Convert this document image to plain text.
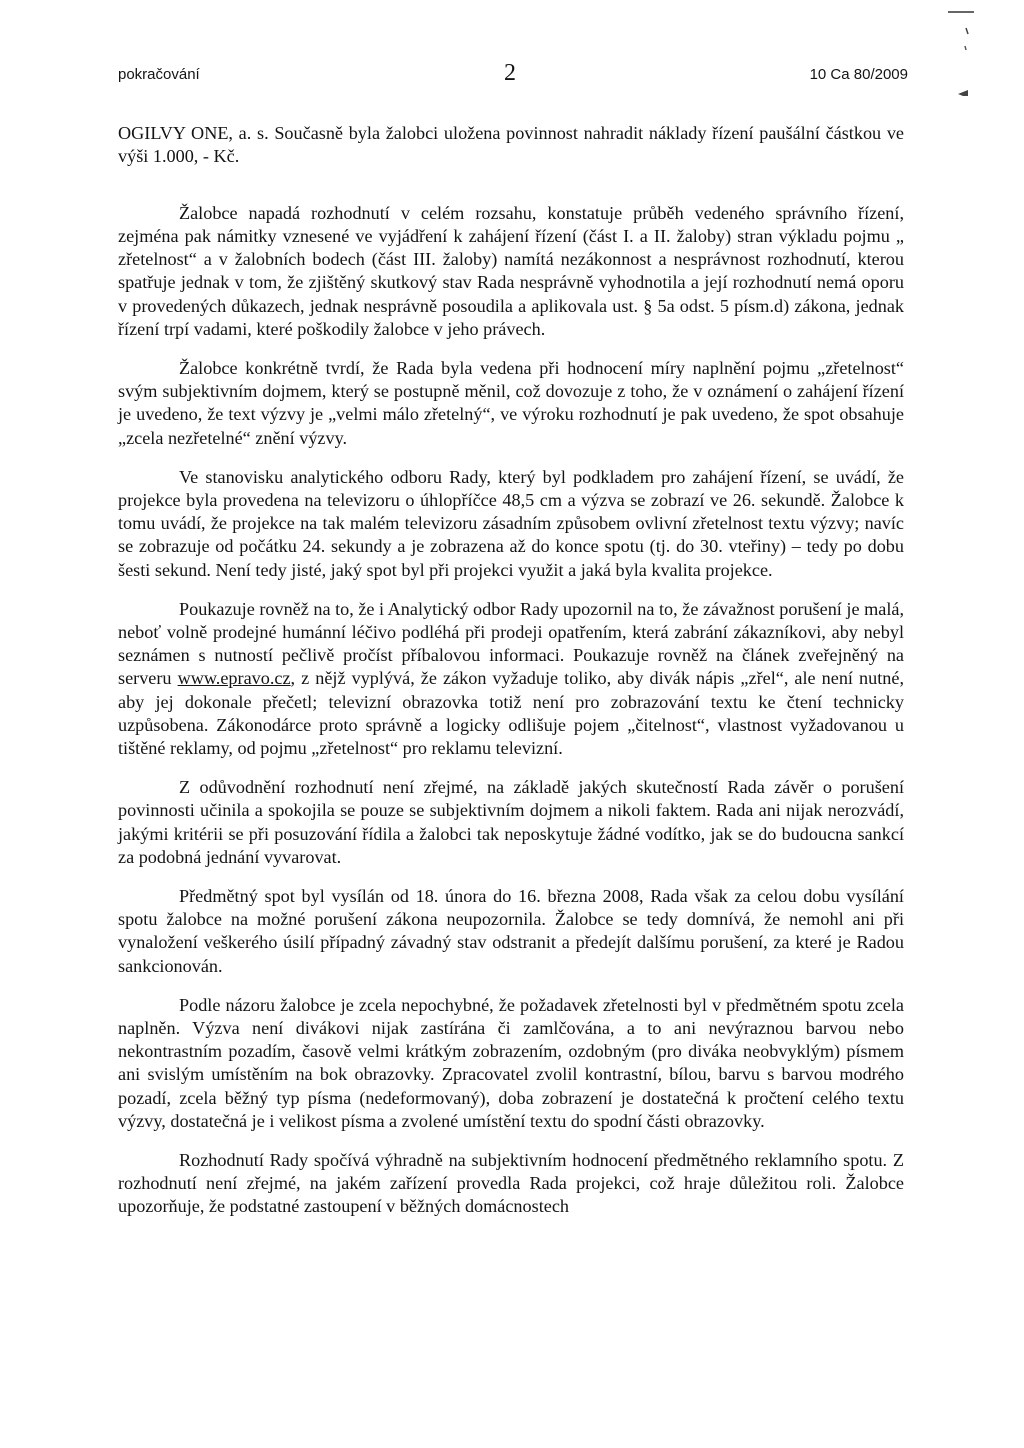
pokračování	2	10 Ca 80/2009

OGILVY ONE, a. s. Současně byla žalobci uložena povinnost nahradit náklady řízení paušální částkou ve výši 1.000, - Kč.

Žalobce napadá rozhodnutí v celém rozsahu, konstatuje průběh vedeného správního řízení, zejména pak námitky vznesené ve vyjádření k zahájení řízení (část I. a II. žaloby) stran výkladu pojmu „ zřetelnost“ a v žalobních bodech (část III. žaloby) namítá nezákonnost a nesprávnost rozhodnutí, kterou spatřuje jednak v tom, že zjištěný skutkový stav Rada nesprávně vyhodnotila a její rozhodnutí nemá oporu v provedených důkazech, jednak nesprávně posoudila a aplikovala ust. § 5a odst. 5 písm.d) zákona, jednak řízení trpí vadami, které poškodily žalobce v jeho právech.

Žalobce konkrétně tvrdí, že Rada byla vedena při hodnocení míry naplnění pojmu „zřetelnost“ svým subjektivním dojmem, který se postupně měnil, což dovozuje z toho, že v oznámení o zahájení řízení je uvedeno, že text výzvy je „velmi málo zřetelný“, ve výroku rozhodnutí je pak uvedeno, že spot obsahuje „zcela nezřetelné“ znění výzvy.

Ve stanovisku analytického odboru Rady, který byl podkladem pro zahájení řízení, se uvádí, že projekce byla provedena na televizoru o úhlopříčce 48,5 cm a výzva se zobrazí ve 26. sekundě. Žalobce k tomu uvádí, že projekce na tak malém televizoru zásadním způsobem ovlivní zřetelnost textu výzvy; navíc se zobrazuje od počátku 24. sekundy a je zobrazena až do konce spotu (tj. do 30. vteřiny) – tedy po dobu šesti sekund. Není tedy jisté, jaký spot byl při projekci využit a jaká byla kvalita projekce.

Poukazuje rovněž na to, že i Analytický odbor Rady upozornil na to, že závažnost porušení je malá, neboť volně prodejné humánní léčivo podléhá při prodeji opatřením, která zabrání zákazníkovi, aby nebyl seznámen s nutností pečlivě pročíst příbalovou informaci. Poukazuje rovněž na článek zveřejněný na serveru www.epravo.cz, z nějž vyplývá, že zákon vyžaduje toliko, aby divák nápis „zřel“, ale není nutné, aby jej dokonale přečetl; televizní obrazovka totiž není pro zobrazování textu ke čtení technicky uzpůsobena. Zákonodárce proto správně a logicky odlišuje pojem „čitelnost“, vlastnost vyžadovanou u tištěné reklamy, od pojmu „zřetelnost“ pro reklamu televizní.

Z odůvodnění rozhodnutí není zřejmé, na základě jakých skutečností Rada závěr o porušení povinnosti učinila a spokojila se pouze se subjektivním dojmem a nikoli faktem. Rada ani nijak nerozvádí, jakými kritérii se při posuzování řídila a žalobci tak neposkytuje žádné vodítko, jak se do budoucna sankcí za podobná jednání vyvarovat.

Předmětný spot byl vysílán od 18. února do 16. března 2008, Rada však za celou dobu vysílání spotu žalobce na možné porušení zákona neupozornila. Žalobce se tedy domnívá, že nemohl ani při vynaložení veškerého úsilí případný závadný stav odstranit a předejít dalšímu porušení, za které je Radou sankcionován.

Podle názoru žalobce je zcela nepochybné, že požadavek zřetelnosti byl v předmětném spotu zcela naplněn. Výzva není divákovi nijak zastírána či zamlčována, a to ani nevýraznou barvou nebo nekontrastním pozadím, časově velmi krátkým zobrazením, ozdobným (pro diváka neobvyklým) písmem ani svislým umístěním na bok obrazovky. Zpracovatel zvolil kontrastní, bílou, barvu s barvou modrého pozadí, zcela běžný typ písma (nedeformovaný), doba zobrazení je dostatečná k pročtení celého textu výzvy, dostatečná je i velikost písma a zvolené umístění textu do spodní části obrazovky.

Rozhodnutí Rady spočívá výhradně na subjektivním hodnocení předmětného reklamního spotu. Z rozhodnutí není zřejmé, na jakém zařízení provedla Rada projekci, což hraje důležitou roli. Žalobce upozorňuje, že podstatné zastoupení v běžných domácnostech
